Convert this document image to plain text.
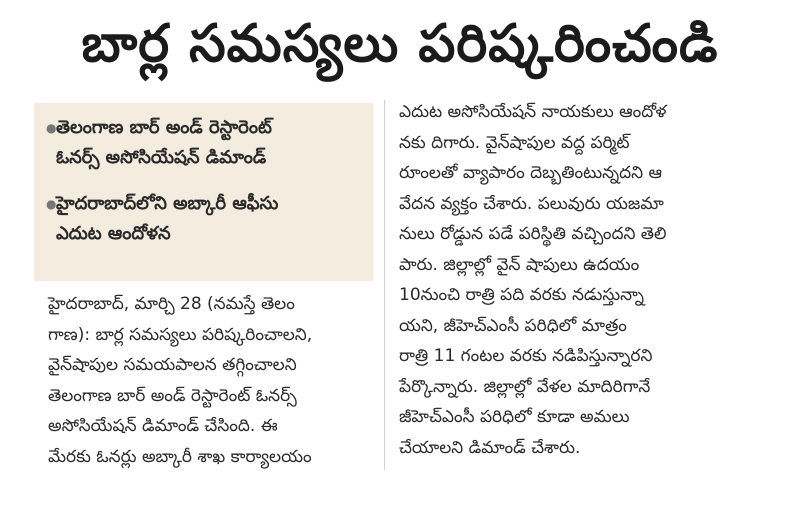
బార్ల సమస్యలు పరిష్కరించండి
● తెలంగాణ బార్ అండ్ రెస్టారెంట్
ఓనర్స్ అసోసియేషన్ డిమాండ్
● హైదరాబాద్‌లోని అబ్కారీ ఆఫీసు
ఎదుట ఆందోళన
హైదరాబాద్, మార్చి 28 (నమస్తే తెలం
గాణ): బార్ల సమస్యలు పరిష్కరించాలని,
వైన్‌షాపుల సమయపాలన తగ్గించాలని
తెలంగాణ బార్ అండ్ రెస్టారెంట్ ఓనర్స్
అసోసియేషన్ డిమాండ్ చేసింది. ఈ
మేరకు ఓనర్లు అబ్కారీ శాఖ కార్యాలయం
ఎదుట అసోసియేషన్ నాయకులు ఆందోళ
నకు దిగారు. వైన్‌షాపుల వద్ద పర్మిట్
రూంలతో వ్యాపారం దెబ్బతింటున్నదని ఆ
వేదన వ్యక్తం చేశారు. పలువురు యజమా
నులు రోడ్డున పడే పరిస్థితి వచ్చిందని తెలి
పారు. జిల్లాల్లో వైన్ షాపులు ఉదయం
10నుంచి రాత్రి పది వరకు నడుస్తున్నా
యని, జీహెచ్‌ఎంసీ పరిధిలో మాత్రం
రాత్రి 11 గంటల వరకు నడిపిస్తున్నారని
పేర్కొన్నారు. జిల్లాల్లో వేళల మాదిరిగానే
జీహెచ్‌ఎంసీ పరిధిలో కూడా అమలు
చేయాలని డిమాండ్ చేశారు.
